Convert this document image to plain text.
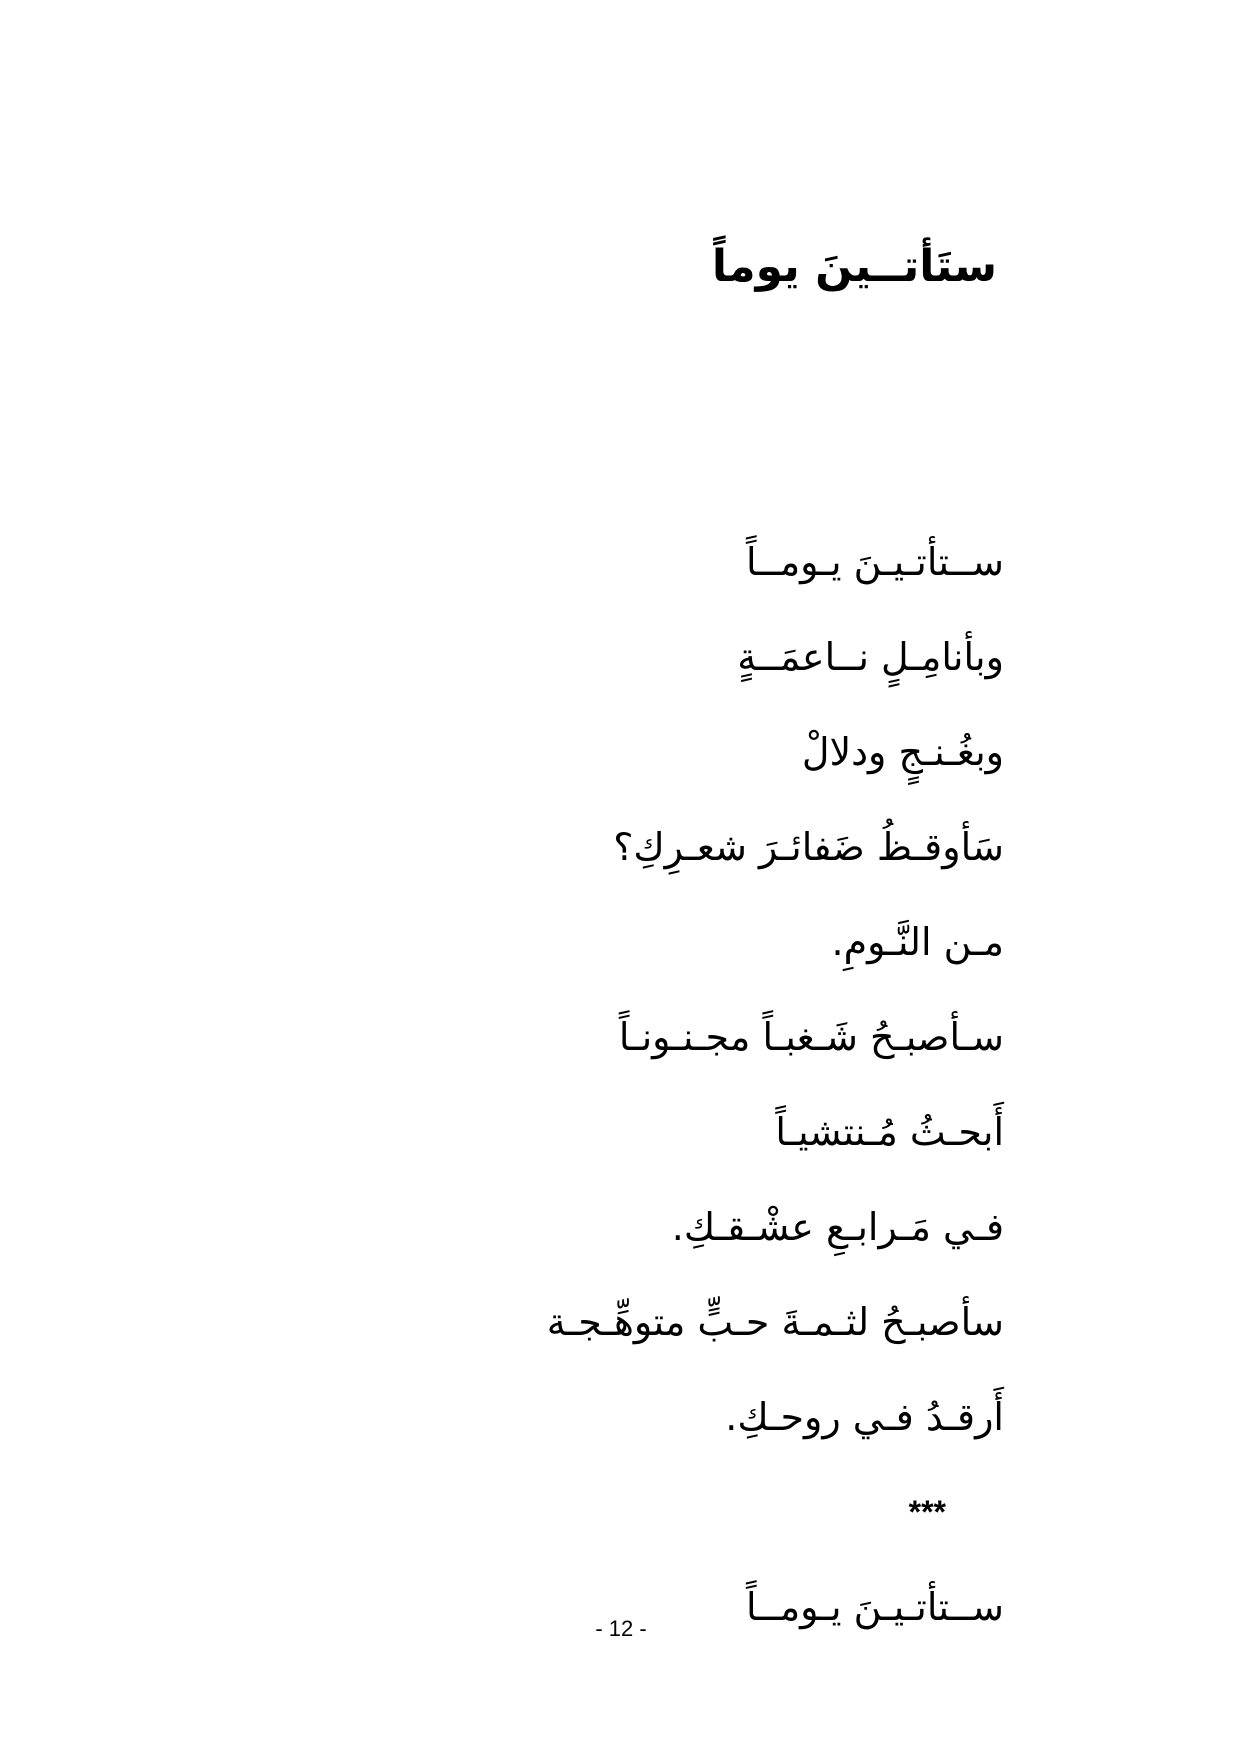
ستَأتــينَ يوماً
ســتأتـيـنَ يـومــاً
وبأنامِـلٍ نــاعمَــةٍ
وبغُـنـجٍ ودلالْ
سَأوقـظُ ضَفائـرَ شعـرِكِ؟
مـن النَّـومِ.
سـأصبـحُ شَـغبـاً مجـنـونـاً
أَبحـثُ مُـنتشيـاً
فـي مَـرابـعِ عشْـقـكِ.
سأصبـحُ لثـمـةَ حـبٍّ متوهِّـجـة
أَرقـدُ فـي روحـكِ.
***
ســتأتـيـنَ يـومــاً
- 12 -
